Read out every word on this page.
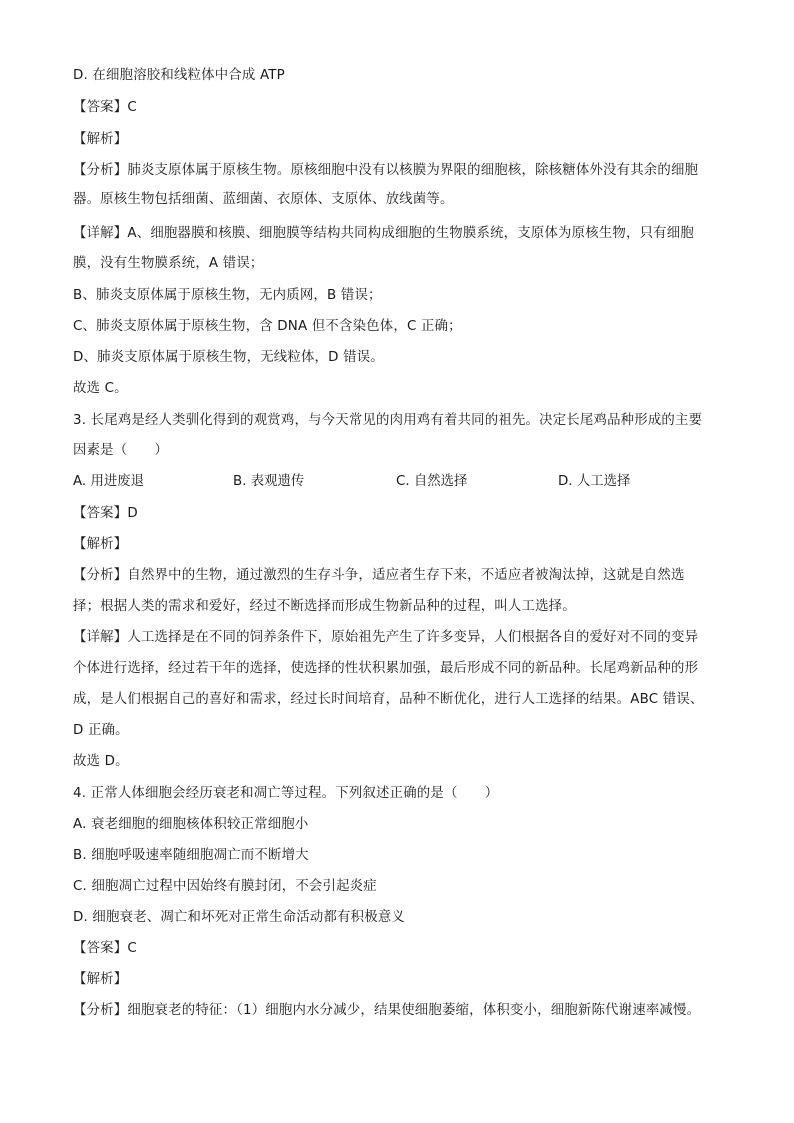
D. 在细胞溶胶和线粒体中合成 ATP
【答案】C
【解析】
【分析】肺炎支原体属于原核生物。原核细胞中没有以核膜为界限的细胞核，除核糖体外没有其余的细胞
器。原核生物包括细菌、蓝细菌、衣原体、支原体、放线菌等。
【详解】A、细胞器膜和核膜、细胞膜等结构共同构成细胞的生物膜系统，支原体为原核生物，只有细胞
膜，没有生物膜系统，A 错误；
B、肺炎支原体属于原核生物，无内质网，B 错误；
C、肺炎支原体属于原核生物，含 DNA 但不含染色体，C 正确；
D、肺炎支原体属于原核生物，无线粒体，D 错误。
故选 C。
3. 长尾鸡是经人类驯化得到的观赏鸡，与今天常见的肉用鸡有着共同的祖先。决定长尾鸡品种形成的主要
因素是（　　）
A. 用进废退	B. 表观遗传	C. 自然选择	D. 人工选择
【答案】D
【解析】
【分析】自然界中的生物，通过激烈的生存斗争，适应者生存下来，不适应者被淘汰掉，这就是自然选
择；根据人类的需求和爱好，经过不断选择而形成生物新品种的过程，叫人工选择。
【详解】人工选择是在不同的饲养条件下，原始祖先产生了许多变异，人们根据各自的爱好对不同的变异
个体进行选择，经过若干年的选择，使选择的性状积累加强，最后形成不同的新品种。长尾鸡新品种的形
成，是人们根据自己的喜好和需求，经过长时间培育，品种不断优化，进行人工选择的结果。ABC 错误、
D 正确。
故选 D。
4. 正常人体细胞会经历衰老和凋亡等过程。下列叙述正确的是（　　）
A. 衰老细胞的细胞核体积较正常细胞小
B. 细胞呼吸速率随细胞凋亡而不断增大
C. 细胞凋亡过程中因始终有膜封闭，不会引起炎症
D. 细胞衰老、凋亡和坏死对正常生命活动都有积极意义
【答案】C
【解析】
【分析】细胞衰老的特征：（1）细胞内水分减少，结果使细胞萎缩，体积变小，细胞新陈代谢速率减慢。
